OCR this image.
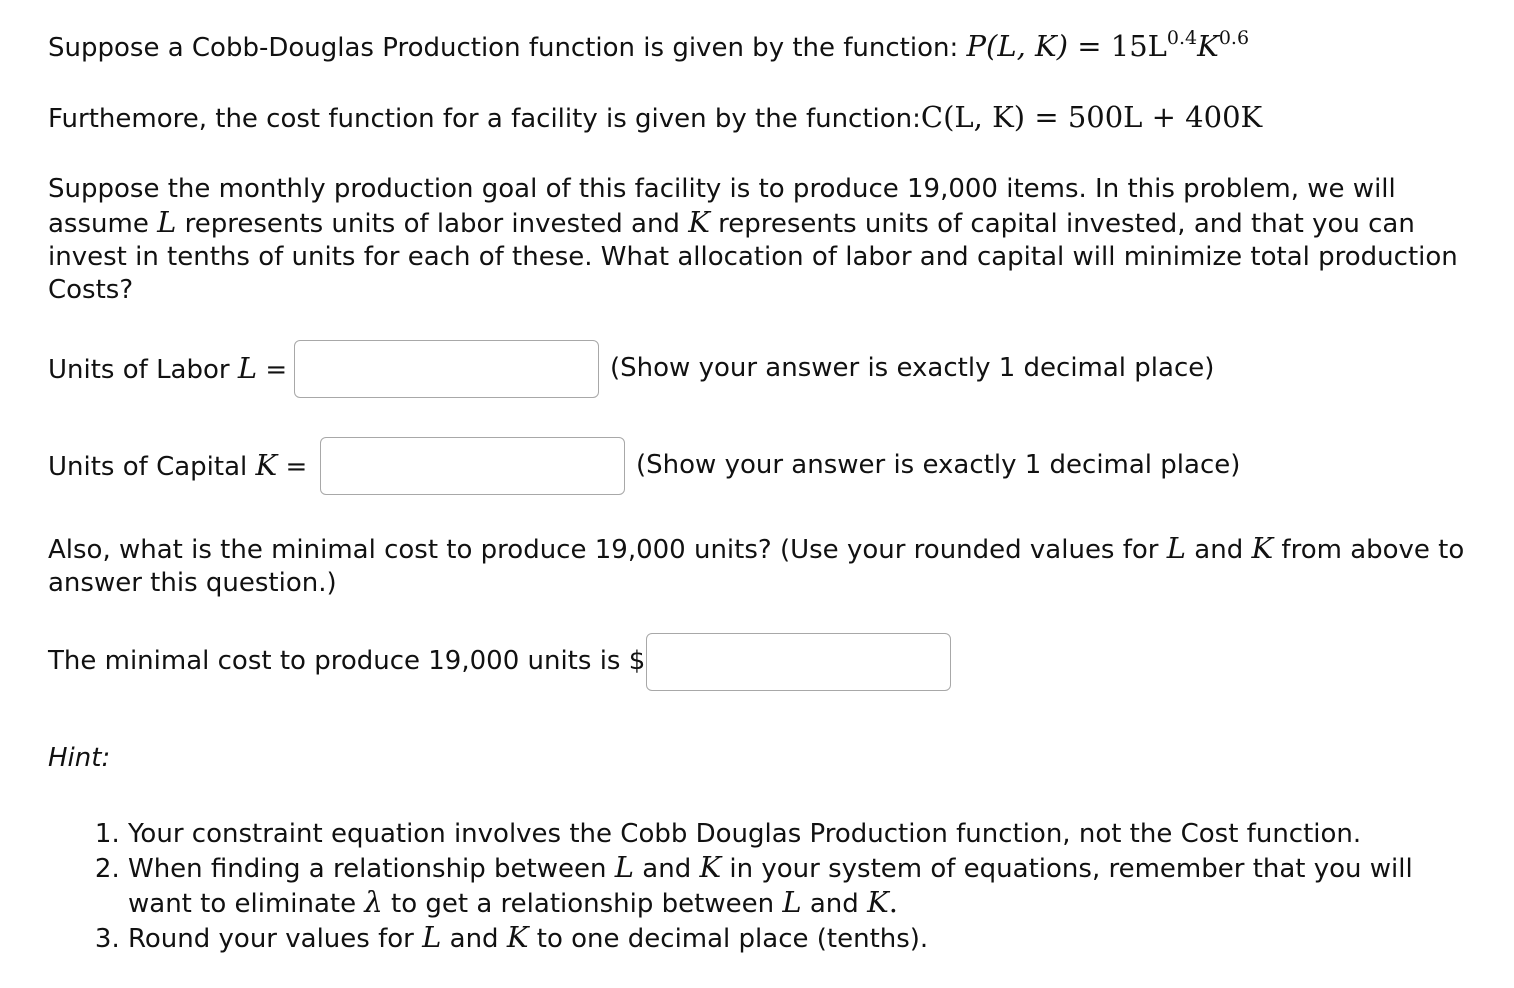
Suppose a Cobb-Douglas Production function is given by the function: P(L, $K) = 15L^{0.4}K^{0.6}$
Furthemore, the cost function for a facility is given by the function:C(L, K) = 500L + 400K
Suppose the monthly production goal of this facility is to produce 19,000 items. In this problem, we will assume L represents units of labor invested and K represents units of capital invested, and that you can invest in tenths of units for each of these. What allocation of labor and capital will minimize total production Costs?
Units of Labor L =	(Show your answer is exactly 1 decimal place)
Units of Capital K =	(Show your answer is exactly 1 decimal place)
Also, what is the minimal cost to produce 19,000 units? (Use your rounded values for L and K from above to answer this question.)
The minimal cost to produce 19,000 units is $
Hint:
1. Your constraint equation involves the Cobb Douglas Production function, not the Cost function.
2. When finding a relationship between L and K in your system of equations, remember that you will want to eliminate λ to get a relationship between L and K.
3. Round your values for L and K to one decimal place (tenths).
